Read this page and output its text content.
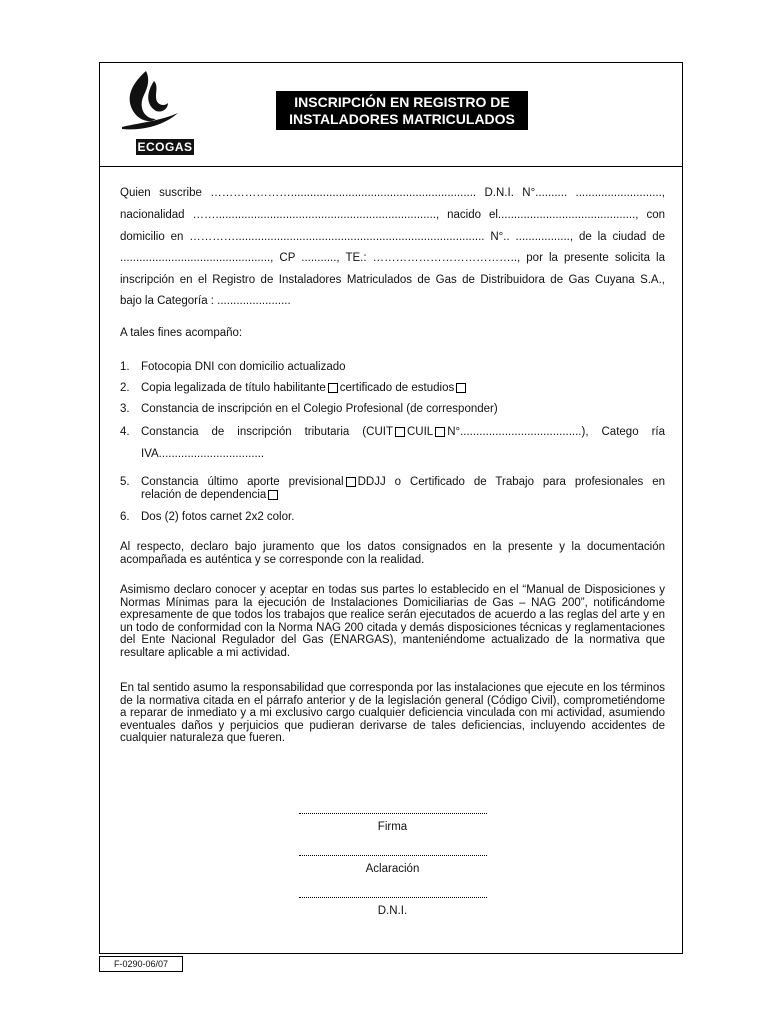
ECOGAS
INSCRIPCIÓN EN REGISTRO DE
INSTALADORES MATRICULADOS
Quien suscribe ………………….......................................................... D.N.I. N°.......... ...........................,
nacionalidad ……....................................................................., nacido el..........................................., con
domicilio en ………….............................................................................. N°.. ................., de la ciudad de
..............................................., CP ..........., TE.: ……………………………….., por la presente solicita la
inscripción en el Registro de Instaladores Matriculados de Gas de Distribuidora de Gas Cuyana S.A.,
bajo la Categoría : .......................
A tales fines acompaño:
1. Fotocopia DNI con domicilio actualizado
2. Copia legalizada de título habilitante certificado de estudios
3. Constancia de inscripción en el Colegio Profesional (de corresponder)
4. Constancia de inscripción tributaria (CUIT CUIL N°......................................), Catego ría
IVA.................................
5. Constancia último aporte previsional DDJJ o Certificado de Trabajo para profesionales en
relación de dependencia
6. Dos (2) fotos carnet 2x2 color.
Al respecto, declaro bajo juramento que los datos consignados en la presente y la documentación acompañada es auténtica y se corresponde con la realidad.
Asimismo declaro conocer y aceptar en todas sus partes lo establecido en el “Manual de Disposiciones y Normas Mínimas para la ejecución de Instalaciones Domiciliarias de Gas – NAG 200”, notificándome expresamente de que todos los trabajos que realice serán ejecutados de acuerdo a las reglas del arte y en un todo de conformidad con la Norma NAG 200 citada y demás disposiciones técnicas y reglamentaciones del Ente Nacional Regulador del Gas (ENARGAS), manteniéndome actualizado de la normativa que resultare aplicable a mi actividad.
En tal sentido asumo la responsabilidad que corresponda por las instalaciones que ejecute en los términos de la normativa citada en el párrafo anterior y de la legislación general (Código Civil), comprometiéndome a reparar de inmediato y a mi exclusivo cargo cualquier deficiencia vinculada con mi actividad, asumiendo eventuales daños y perjuicios que pudieran derivarse de tales deficiencias, incluyendo accidentes de cualquier naturaleza que fueren.
Firma
Aclaración
D.N.I.
F-0290-06/07
